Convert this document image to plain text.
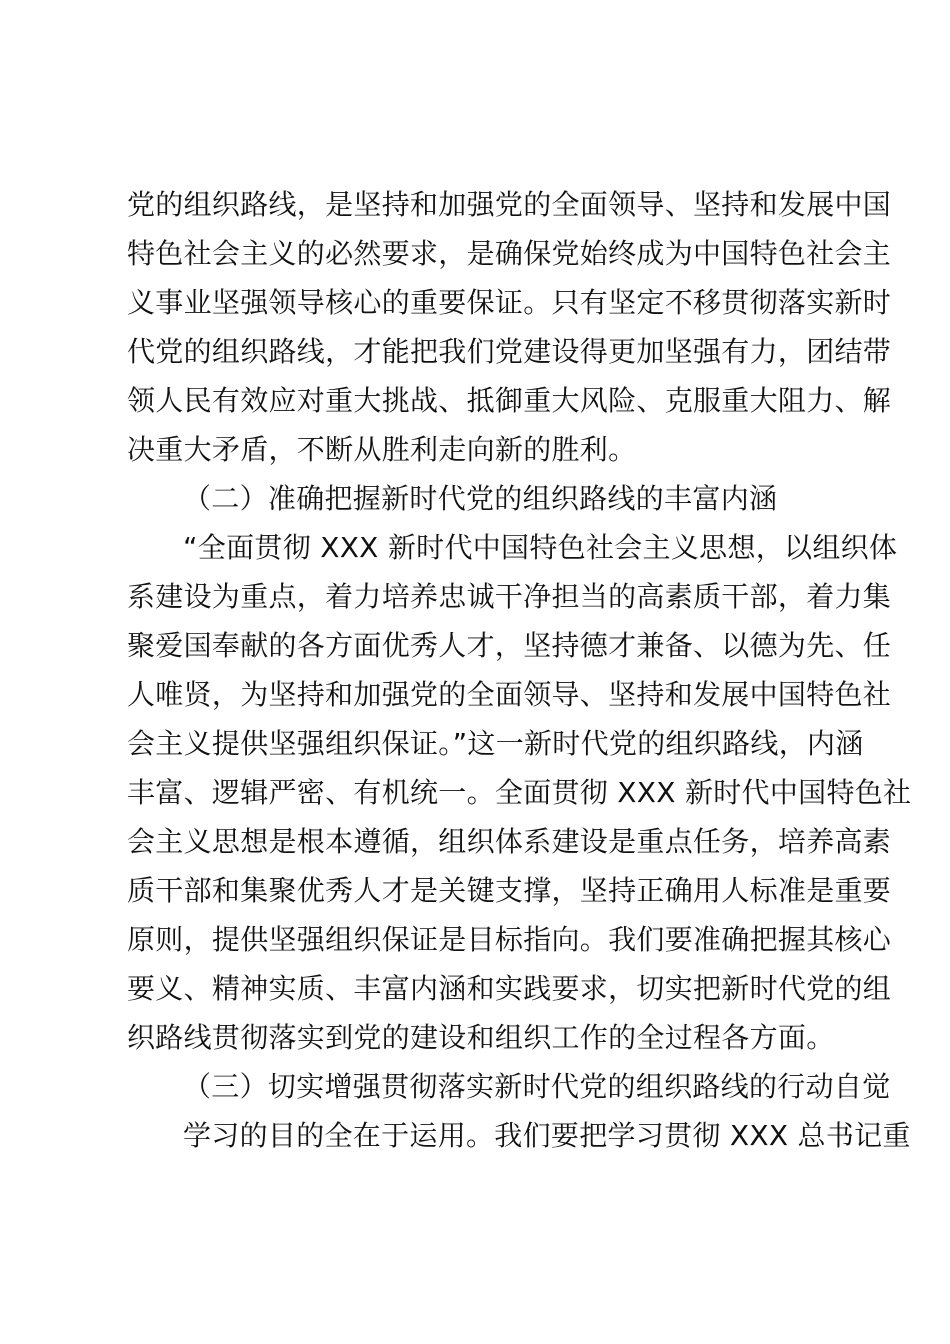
党的组织路线，是坚持和加强党的全面领导、坚持和发展中国
特色社会主义的必然要求，是确保党始终成为中国特色社会主
义事业坚强领导核心的重要保证。只有坚定不移贯彻落实新时
代党的组织路线，才能把我们党建设得更加坚强有力，团结带
领人民有效应对重大挑战、抵御重大风险、克服重大阻力、解
决重大矛盾，不断从胜利走向新的胜利。
（二）准确把握新时代党的组织路线的丰富内涵
“全面贯彻 XXX 新时代中国特色社会主义思想，以组织体
系建设为重点，着力培养忠诚干净担当的高素质干部，着力集
聚爱国奉献的各方面优秀人才，坚持德才兼备、以德为先、任
人唯贤，为坚持和加强党的全面领导、坚持和发展中国特色社
会主义提供坚强组织保证。”这一新时代党的组织路线，内涵
丰富、逻辑严密、有机统一。全面贯彻 XXX 新时代中国特色社
会主义思想是根本遵循，组织体系建设是重点任务，培养高素
质干部和集聚优秀人才是关键支撑，坚持正确用人标准是重要
原则，提供坚强组织保证是目标指向。我们要准确把握其核心
要义、精神实质、丰富内涵和实践要求，切实把新时代党的组
织路线贯彻落实到党的建设和组织工作的全过程各方面。
（三）切实增强贯彻落实新时代党的组织路线的行动自觉
学习的目的全在于运用。我们要把学习贯彻 XXX 总书记重
